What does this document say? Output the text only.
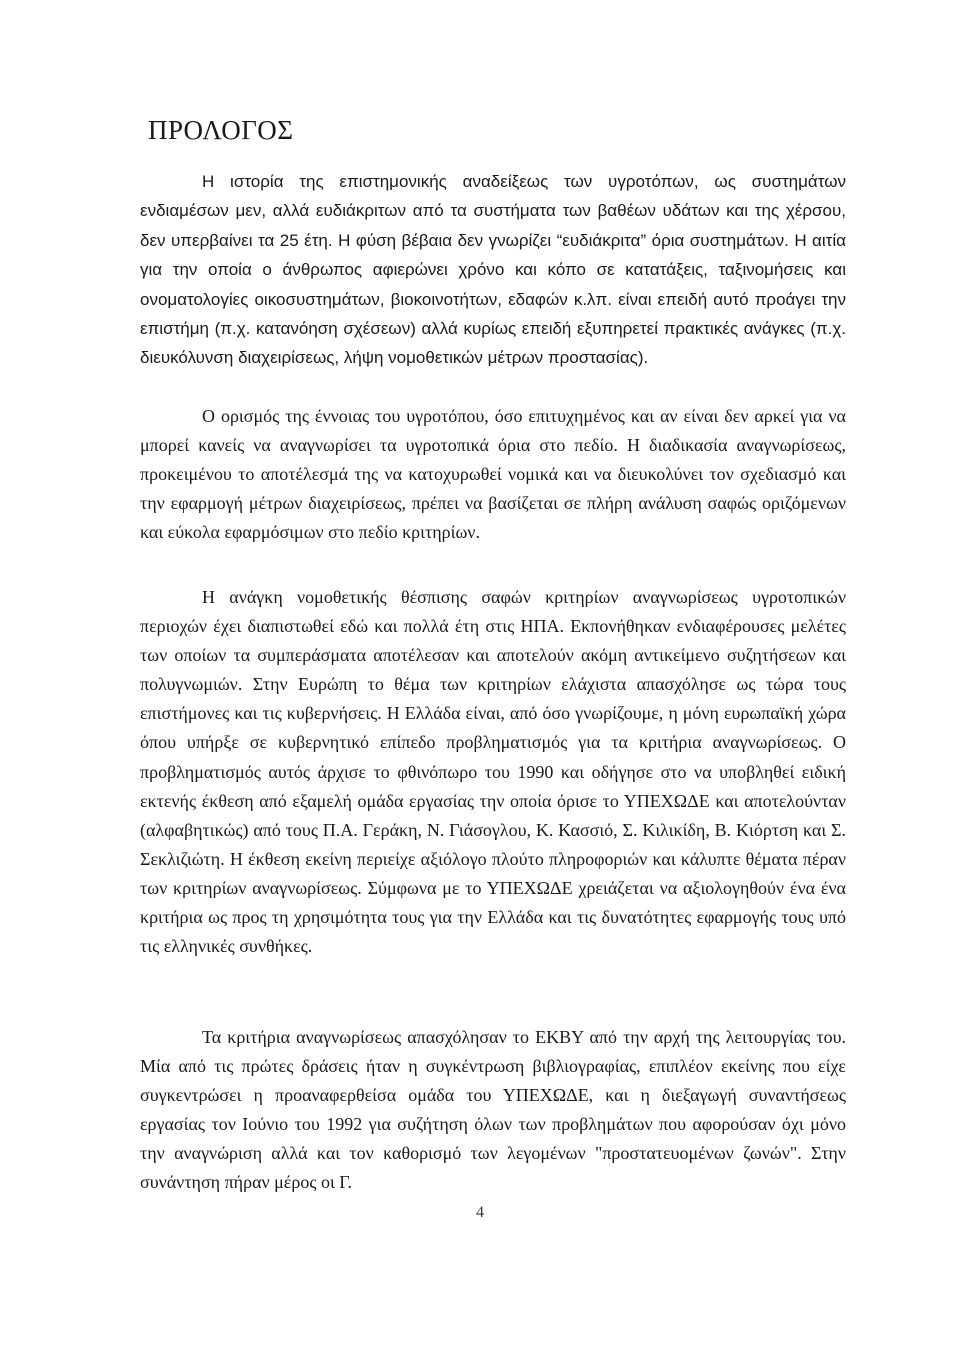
ΠΡΟΛΟΓΟΣ

Η ιστορία της επιστημονικής αναδείξεως των υγροτόπων, ως συστημάτων ενδιαμέσων μεν, αλλά ευδιάκριτων από τα συστήματα των βαθέων υδάτων και της χέρσου, δεν υπερβαίνει τα 25 έτη. Η φύση βέβαια δεν γνωρίζει “ευδιάκριτα” όρια συστημάτων. Η αιτία για την οποία ο άνθρωπος αφιερώνει χρόνο και κόπο σε κατατάξεις, ταξινομήσεις και ονοματολογίες οικοσυστημάτων, βιοκοινοτήτων, εδαφών κ.λπ. είναι επειδή αυτό προάγει την επιστήμη (π.χ. κατανόηση σχέσεων) αλλά κυρίως επειδή εξυπηρετεί πρακτικές ανάγκες (π.χ. διευκόλυνση διαχειρίσεως, λήψη νομοθετικών μέτρων προστασίας).

Ο ορισμός της έννοιας του υγροτόπου, όσο επιτυχημένος και αν είναι δεν αρκεί για να μπορεί κανείς να αναγνωρίσει τα υγροτοπικά όρια στο πεδίο. Η διαδικασία αναγνωρίσεως, προκειμένου το αποτέλεσμά της να κατοχυρωθεί νομικά και να διευκολύνει τον σχεδιασμό και την εφαρμογή μέτρων διαχειρίσεως, πρέπει να βασίζεται σε πλήρη ανάλυση σαφώς οριζόμενων και εύκολα εφαρμόσιμων στο πεδίο κριτηρίων.

Η ανάγκη νομοθετικής θέσπισης σαφών κριτηρίων αναγνωρίσεως υγροτοπικών περιοχών έχει διαπιστωθεί εδώ και πολλά έτη στις ΗΠΑ. Εκπονήθηκαν ενδιαφέρουσες μελέτες των οποίων τα συμπεράσματα αποτέλεσαν και αποτελούν ακόμη αντικείμενο συζητήσεων και πολυγνωμιών. Στην Ευρώπη το θέμα των κριτηρίων ελάχιστα απασχόλησε ως τώρα τους επιστήμονες και τις κυβερνήσεις. Η Ελλάδα είναι, από όσο γνωρίζουμε, η μόνη ευρωπαϊκή χώρα όπου υπήρξε σε κυβερνητικό επίπεδο προβληματισμός για τα κριτήρια αναγνωρίσεως. Ο προβληματισμός αυτός άρχισε το φθινόπωρο του 1990 και οδήγησε στο να υποβληθεί ειδική εκτενής έκθεση από εξαμελή ομάδα εργασίας την οποία όρισε το ΥΠΕΧΩΔΕ και αποτελούνταν (αλφαβητικώς) από τους Π.Α. Γεράκη, Ν. Γιάσογλου, Κ. Κασσιό, Σ. Κιλικίδη, Β. Κιόρτση και Σ. Σεκλιζιώτη. Η έκθεση εκείνη περιείχε αξιόλογο πλούτο πληροφοριών και κάλυπτε θέματα πέραν των κριτηρίων αναγνωρίσεως. Σύμφωνα με το ΥΠΕΧΩΔΕ χρειάζεται να αξιολογηθούν ένα ένα κριτήρια ως προς τη χρησιμότητα τους για την Ελλάδα και τις δυνατότητες εφαρμογής τους υπό τις ελληνικές συνθήκες.

Τα κριτήρια αναγνωρίσεως απασχόλησαν το ΕΚΒΥ από την αρχή της λειτουργίας του. Μία από τις πρώτες δράσεις ήταν η συγκέντρωση βιβλιογραφίας, επιπλέον εκείνης που είχε συγκεντρώσει η προαναφερθείσα ομάδα του ΥΠΕΧΩΔΕ, και η διεξαγωγή συναντήσεως εργασίας τον Ιούνιο του 1992 για συζήτηση όλων των προβλημάτων που αφορούσαν όχι μόνο την αναγνώριση αλλά και τον καθορισμό των λεγομένων "προστατευομένων ζωνών". Στην συνάντηση πήραν μέρος οι Γ.

4
